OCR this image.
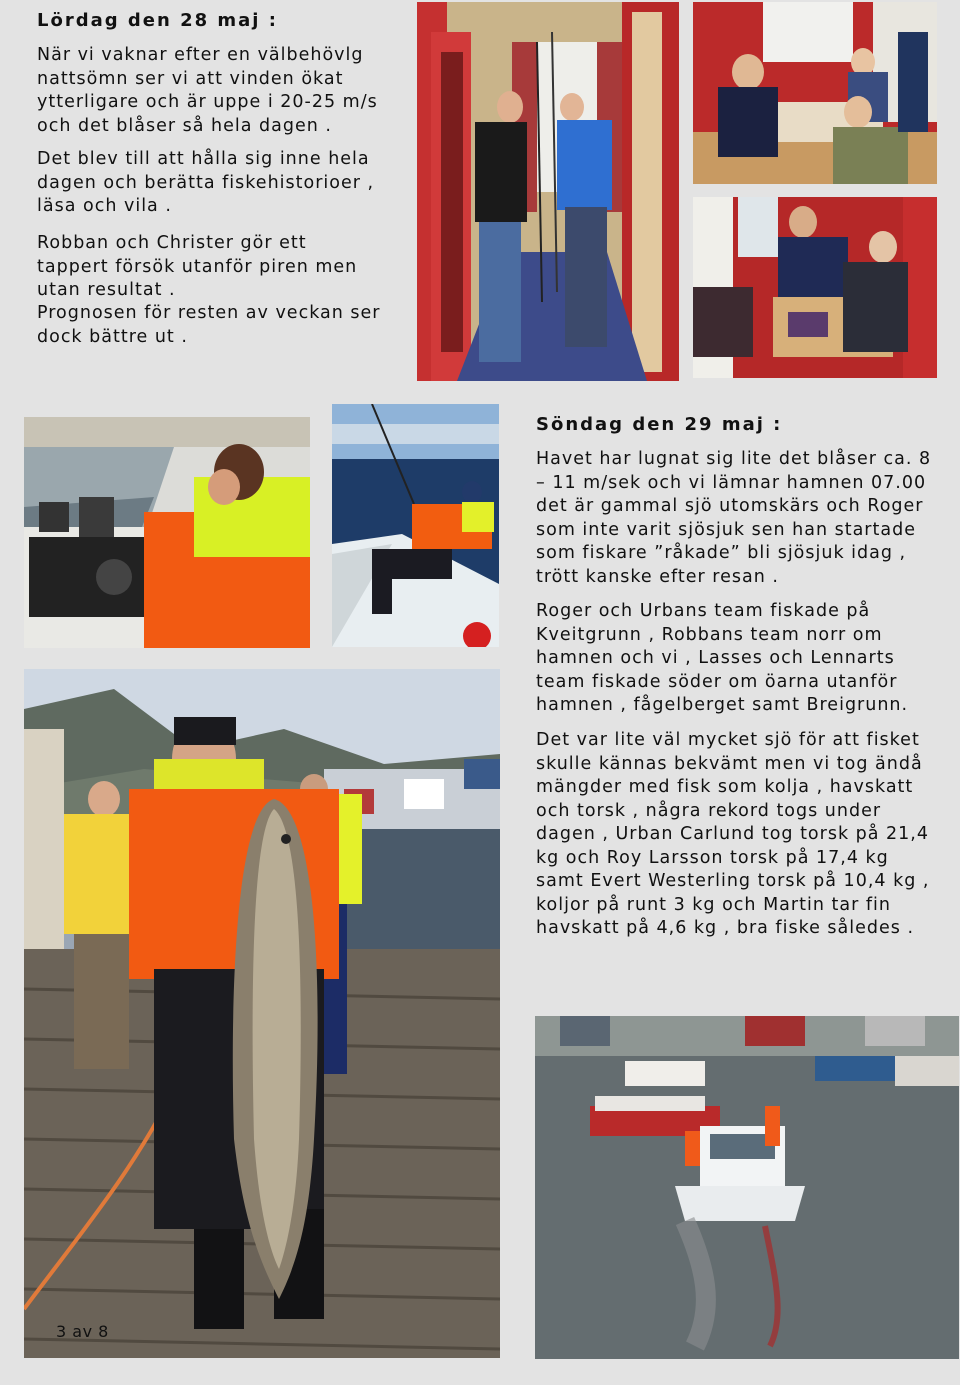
Lördag den 28 maj :

När vi vaknar efter en välbehövlg nattsömn ser vi att vinden ökat ytterligare och är uppe i 20-25 m/s och det blåser så hela dagen .

Det blev till att hålla sig inne hela dagen och berätta fiskehistorioer , läsa och vila .

Robban och Christer gör ett tappert försök utanför piren men utan resultat .

Prognosen för resten av veckan ser dock bättre ut .

3 av 8
Söndag den 29 maj :

Havet har lugnat sig lite det blåser ca. 8 – 11 m/sek och vi lämnar hamnen 07.00 det är gammal sjö utomskärs och Roger som inte varit sjösjuk sen han startade som fiskare ”råkade” bli sjösjuk idag , trött kanske efter resan .

Roger och Urbans team fiskade på Kveitgrunn , Robbans team norr om hamnen och vi , Lasses och Lennarts team fiskade söder om öarna utanför hamnen , fågelberget samt Breigrunn.

Det var lite väl mycket sjö för att fisket skulle kännas bekvämt men vi tog ändå mängder med fisk som kolja , havskatt och torsk , några rekord togs under dagen , Urban Carlund tog torsk på 21,4 kg och Roy Larsson torsk på 17,4 kg samt Evert Westerling torsk på 10,4 kg , koljor på runt 3 kg och Martin tar fin havskatt på 4,6 kg , bra fiske således .
